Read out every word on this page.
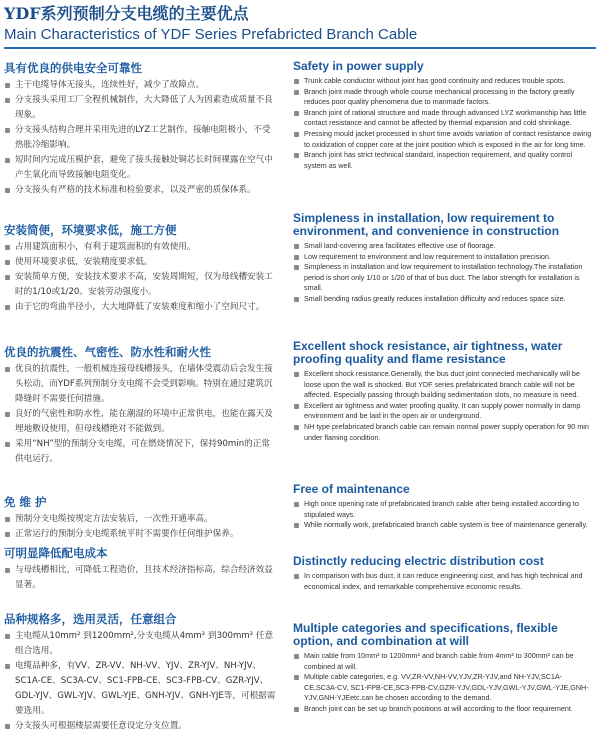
YDF系列预制分支电缆的主要优点
Main Characteristics of YDF Series Prefabricted Branch Cable
具有优良的供电安全可靠性
主干电缆导体无接头，连续性好，减少了故障点。
分支接头采用工厂全程机械制作，大大降低了人为因素造成质量不良现象。
分支接头结构合理并采用先进的LYZ工艺制作，接触电阻极小，不受热胀冷缩影响。
短时间内完成压模护套，避免了接头接触处铜芯长时间裸露在空气中产生氧化而导致接触电阻变化。
分支接头有严格的技术标准和检验要求，以及严密的质保体系。
安装简便，环境要求低，施工方便
占用建筑面积小，有利于建筑面积的有效使用。
使用环境要求低，安装精度要求低。
安装简单方便，安装技术要求不高，安装周期短，仅为母线槽安装工时的1/10或1/20。安装劳动强度小。
由于它的弯曲半径小，大大地降低了安装难度和缩小了空间尺寸。
优良的抗震性、气密性、防水性和耐火性
优良的抗震性，一般机械连接母线槽接头，在墙体受震动后会发生接头松动，而YDF系列预制分支电缆不会受到影响。特别在通过建筑沉降缝时不需要任何措施。
良好的气密性和防水性，能在潮湿的环境中正常供电，也能在露天及埋地敷设使用，但母线槽绝对不能做到。
采用“NH”型的预制分支电缆，可在燃烧情况下，保持90min的正常供电运行。
免 维 护
预制分支电缆按规定方法安装后，一次性开通率高。
正常运行的预制分支电缆系统平时不需要作任何维护保养。
可明显降低配电成本
与母线槽相比，可降低工程造价，且技术经济指标高，综合经济效益显著。
品种规格多，选用灵活，任意组合
主电缆从10mm² 到1200mm²,分支电缆从4mm² 到300mm² 任意组合选用。
电缆品种多，有VV、ZR-VV、NH-VV、YJV、ZR-YJV、NH-YJV、SC1A-CE、SC3A-CV、SC1-FPB-CE、SC3-FPB-CV、GZR-YJV、GDL-YJV、GWL-YJV、GWL-YJE、GNH-YJV、GNH-YJE等，可根据需要选用。
分支接头可根据楼层需要任意设定分支位置。
Safety in power supply
Trunk cable conductor without joint has good continuity and reduces trouble spots.
Branch joint made through whole course mechanical processing in the factory greatly reduces poor quality phenomena due to manmade factors.
Branch joint of rational structure and made through advanced LYZ workmanship has little contact resistance and cannot be affected by thermal expansion and cold shrinkage.
Pressing mould jacket processed in short time avoids variation of contact resistance owing to oxidization of copper core at the joint position which is exposed in the air for long time.
Branch joint has strict technical standard, inspection requirement, and quality control system as well.
Simpleness in installation, low requirement to environment, and convenience in construction
Small land-covering area facilitates effective use of floorage.
Low requirement to environment and low requirement to installation precision.
Simpleness in installation and low requirement to installation technology.The installation period is short only 1/10 or 1/20 of that of bus duct. The labor strength for installation is small.
Small bending radius greatly reduces installation difficulty and reduces space size.
Excellent shock resistance, air tightness, water proofing quality and flame resistance
Excellent shock resistance.Generally, the bus duct joint connected mechanically will be loose upon the wall is shocked. But YDF series prefabricated branch cable will not be affected. Especially passing through building sedimentation slots, no measure is need.
Excellent air tightness and water proofing quality. It can supply power normally in damp environment and be laid in the open air or underground.
NH type prefabricated branch cable can remain normal power supply operation for 90 min under flaming condition.
Free of maintenance
High once opening rate of prefabricated branch cable after being installed according to stipulated ways.
While normally work, prefabricated branch cable system is free of maintenance generally.
Distinctly reducing electric distribution cost
In comparison with bus duct, it can reduce engineering cost, and has high technical and economical index, and remarkable comprehensive economic results.
Multiple categories and specifications, flexible option, and combination at will
Main cable from 10mm² to 1200mm² and branch cable from 4mm² to 300mm² can be combined at will.
Multiple cable categories, e.g. VV,ZR-VV,NH-VV,YJV,ZR-YJV,and NH-YJV,SC1A-CE,SC3A-CV, SC1-FPB-CE,SC3-FPB-CV,GZR-YJV,GDL-YJV,GWL-YJV,GWL-YJE,GNH-YJV,GNH-YJEetc.can be chosen according to the demand.
Branch joint can be set up branch positions at will according to the floor requirement.
